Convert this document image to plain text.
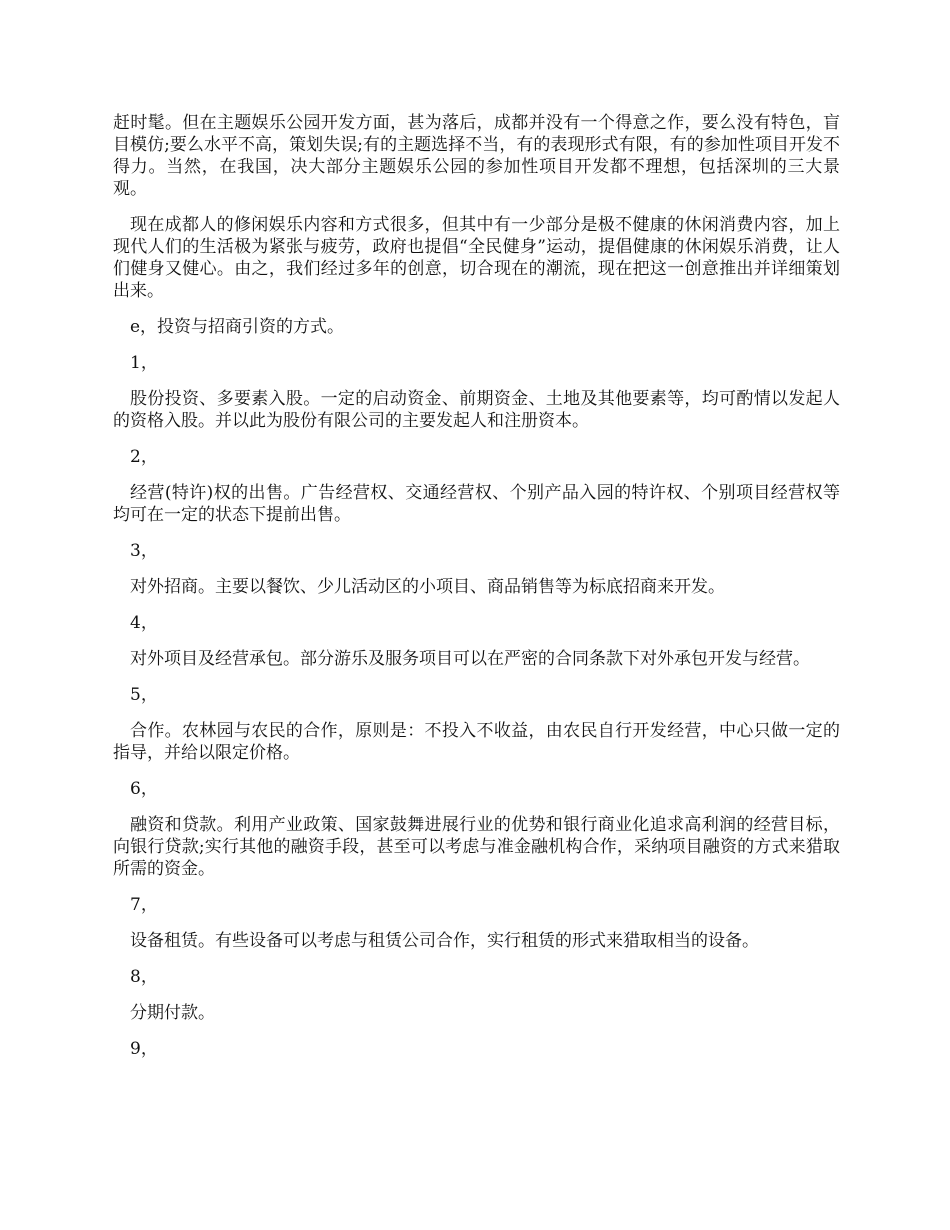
赶时髦。但在主题娱乐公园开发方面，甚为落后，成都并没有一个得意之作，要么没有特色，盲目模仿;要么水平不高，策划失误;有的主题选择不当，有的表现形式有限，有的参加性项目开发不得力。当然，在我国，决大部分主题娱乐公园的参加性项目开发都不理想，包括深圳的三大景观。

现在成都人的修闲娱乐内容和方式很多，但其中有一少部分是极不健康的休闲消费内容，加上现代人们的生活极为紧张与疲劳，政府也提倡“全民健身”运动，提倡健康的休闲娱乐消费，让人们健身又健心。由之，我们经过多年的创意，切合现在的潮流，现在把这一创意推出并详细策划出来。

e，投资与招商引资的方式。

1，

股份投资、多要素入股。一定的启动资金、前期资金、土地及其他要素等，均可酌情以发起人的资格入股。并以此为股份有限公司的主要发起人和注册资本。

2，

经营(特许)权的出售。广告经营权、交通经营权、个别产品入园的特许权、个别项目经营权等均可在一定的状态下提前出售。

3，

对外招商。主要以餐饮、少儿活动区的小项目、商品销售等为标底招商来开发。

4，

对外项目及经营承包。部分游乐及服务项目可以在严密的合同条款下对外承包开发与经营。

5，

合作。农林园与农民的合作，原则是：不投入不收益，由农民自行开发经营，中心只做一定的指导，并给以限定价格。

6，

融资和贷款。利用产业政策、国家鼓舞进展行业的优势和银行商业化追求高利润的经营目标，向银行贷款;实行其他的融资手段，甚至可以考虑与准金融机构合作，采纳项目融资的方式来猎取所需的资金。

7，

设备租赁。有些设备可以考虑与租赁公司合作，实行租赁的形式来猎取相当的设备。

8，

分期付款。

9，
